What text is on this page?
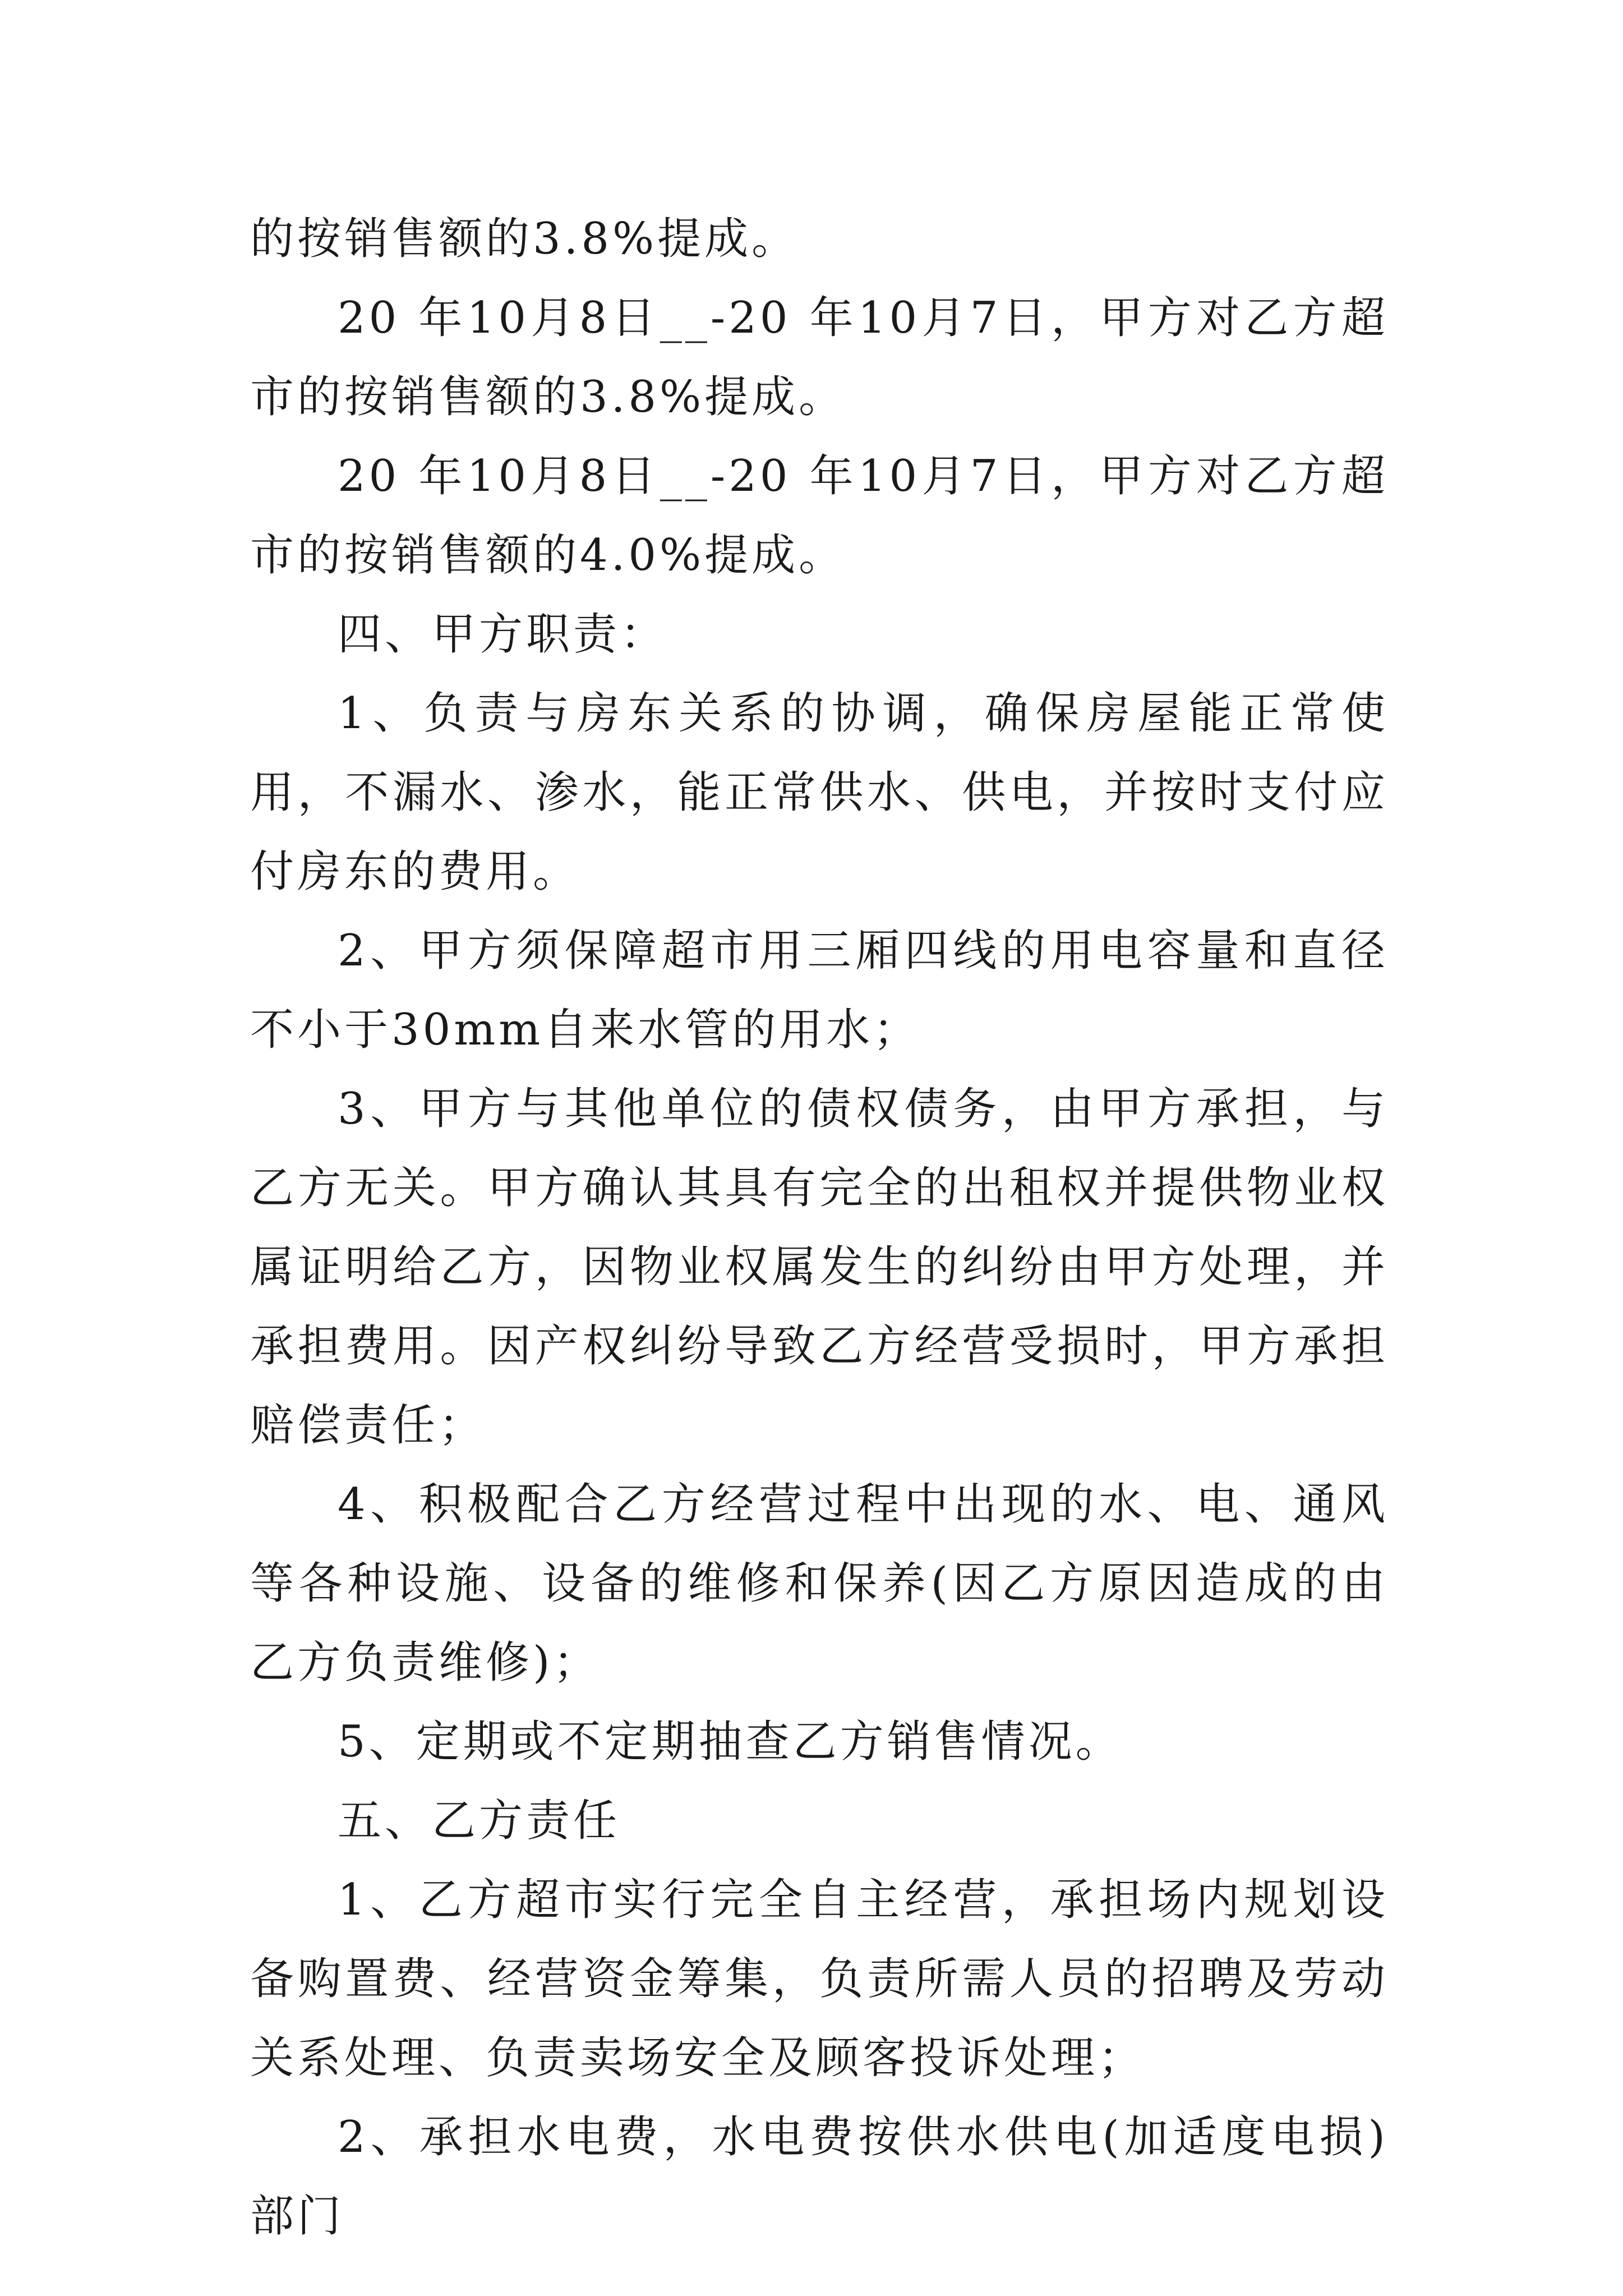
的按销售额的3.8%提成。

20 年10月8日__-20 年10月7日，甲方对乙方超市的按销售额的3.8%提成。

20 年10月8日__-20 年10月7日，甲方对乙方超市的按销售额的4.0%提成。

四、甲方职责：

1、负责与房东关系的协调，确保房屋能正常使用，不漏水、渗水，能正常供水、供电，并按时支付应付房东的费用。

2、甲方须保障超市用三厢四线的用电容量和直径不小于30mm自来水管的用水；

3、甲方与其他单位的债权债务，由甲方承担，与乙方无关。甲方确认其具有完全的出租权并提供物业权属证明给乙方，因物业权属发生的纠纷由甲方处理，并承担费用。因产权纠纷导致乙方经营受损时，甲方承担赔偿责任；

4、积极配合乙方经营过程中出现的水、电、通风等各种设施、设备的维修和保养(因乙方原因造成的由乙方负责维修)；

5、定期或不定期抽查乙方销售情况。

五、乙方责任

1、乙方超市实行完全自主经营，承担场内规划设备购置费、经营资金筹集，负责所需人员的招聘及劳动关系处理、负责卖场安全及顾客投诉处理；

2、承担水电费，水电费按供水供电(加适度电损)部门
